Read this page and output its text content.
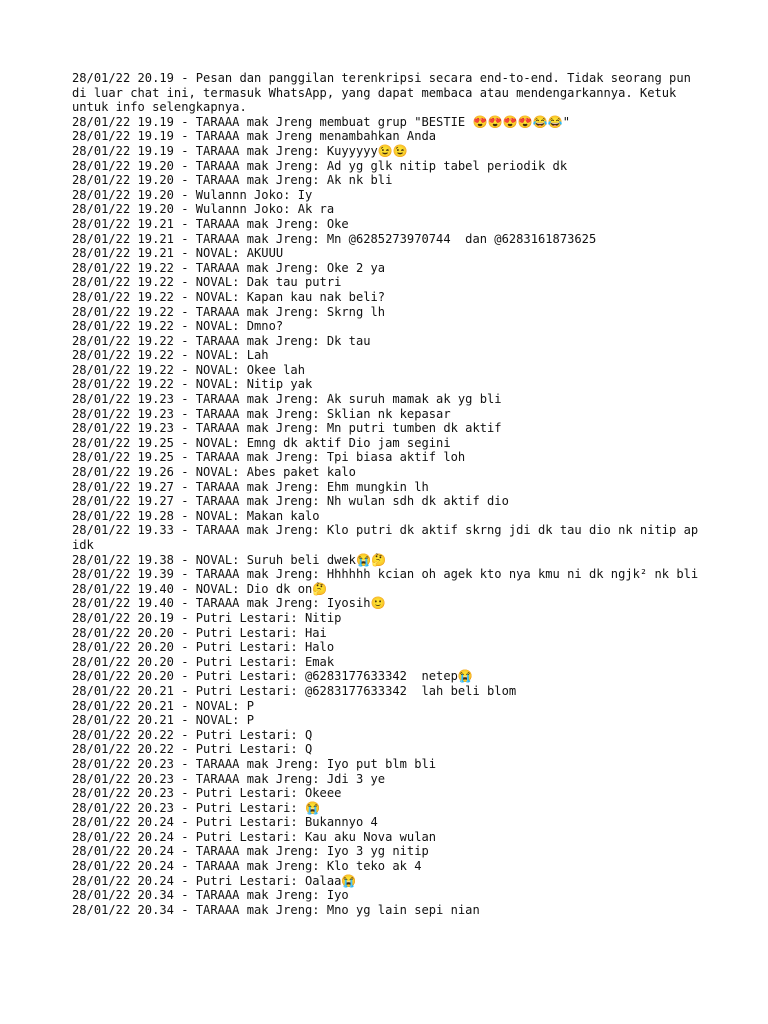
28/01/22 20.19 - Pesan dan panggilan terenkripsi secara end-to-end. Tidak seorang pun di luar chat ini, termasuk WhatsApp, yang dapat membaca atau mendengarkannya. Ketuk untuk info selengkapnya.
28/01/22 19.19 - TARAAA mak Jreng membuat grup "BESTIE 😍😍😍😍😂😂"
28/01/22 19.19 - TARAAA mak Jreng menambahkan Anda
28/01/22 19.19 - TARAAA mak Jreng: Kuyyyyy😉😉
28/01/22 19.20 - TARAAA mak Jreng: Ad yg glk nitip tabel periodik dk
28/01/22 19.20 - TARAAA mak Jreng: Ak nk bli
28/01/22 19.20 - Wulannn Joko: Iy
28/01/22 19.20 - Wulannn Joko: Ak ra
28/01/22 19.21 - TARAAA mak Jreng: Oke
28/01/22 19.21 - TARAAA mak Jreng: Mn @6285273970744  dan @6283161873625
28/01/22 19.21 - NOVAL: AKUUU
28/01/22 19.22 - TARAAA mak Jreng: Oke 2 ya
28/01/22 19.22 - NOVAL: Dak tau putri
28/01/22 19.22 - NOVAL: Kapan kau nak beli?
28/01/22 19.22 - TARAAA mak Jreng: Skrng lh
28/01/22 19.22 - NOVAL: Dmno?
28/01/22 19.22 - TARAAA mak Jreng: Dk tau
28/01/22 19.22 - NOVAL: Lah
28/01/22 19.22 - NOVAL: Okee lah
28/01/22 19.22 - NOVAL: Nitip yak
28/01/22 19.23 - TARAAA mak Jreng: Ak suruh mamak ak yg bli
28/01/22 19.23 - TARAAA mak Jreng: Sklian nk kepasar
28/01/22 19.23 - TARAAA mak Jreng: Mn putri tumben dk aktif
28/01/22 19.25 - NOVAL: Emng dk aktif Dio jam segini
28/01/22 19.25 - TARAAA mak Jreng: Tpi biasa aktif loh
28/01/22 19.26 - NOVAL: Abes paket kalo
28/01/22 19.27 - TARAAA mak Jreng: Ehm mungkin lh
28/01/22 19.27 - TARAAA mak Jreng: Nh wulan sdh dk aktif dio
28/01/22 19.28 - NOVAL: Makan kalo
28/01/22 19.33 - TARAAA mak Jreng: Klo putri dk aktif skrng jdi dk tau dio nk nitip ap idk
28/01/22 19.38 - NOVAL: Suruh beli dwek😭🤔
28/01/22 19.39 - TARAAA mak Jreng: Hhhhhh kcian oh agek kto nya kmu ni dk ngjk² nk bli
28/01/22 19.40 - NOVAL: Dio dk on🤔
28/01/22 19.40 - TARAAA mak Jreng: Iyosih🙂
28/01/22 20.19 - Putri Lestari: Nitip
28/01/22 20.20 - Putri Lestari: Hai
28/01/22 20.20 - Putri Lestari: Halo
28/01/22 20.20 - Putri Lestari: Emak
28/01/22 20.20 - Putri Lestari: @6283177633342  netep😭
28/01/22 20.21 - Putri Lestari: @6283177633342  lah beli blom
28/01/22 20.21 - NOVAL: P
28/01/22 20.21 - NOVAL: P
28/01/22 20.22 - Putri Lestari: Q
28/01/22 20.22 - Putri Lestari: Q
28/01/22 20.23 - TARAAA mak Jreng: Iyo put blm bli
28/01/22 20.23 - TARAAA mak Jreng: Jdi 3 ye
28/01/22 20.23 - Putri Lestari: Okeee
28/01/22 20.23 - Putri Lestari: 😭
28/01/22 20.24 - Putri Lestari: Bukannyo 4
28/01/22 20.24 - Putri Lestari: Kau aku Nova wulan
28/01/22 20.24 - TARAAA mak Jreng: Iyo 3 yg nitip
28/01/22 20.24 - TARAAA mak Jreng: Klo teko ak 4
28/01/22 20.24 - Putri Lestari: Oalaa😭
28/01/22 20.34 - TARAAA mak Jreng: Iyo
28/01/22 20.34 - TARAAA mak Jreng: Mno yg lain sepi nian
